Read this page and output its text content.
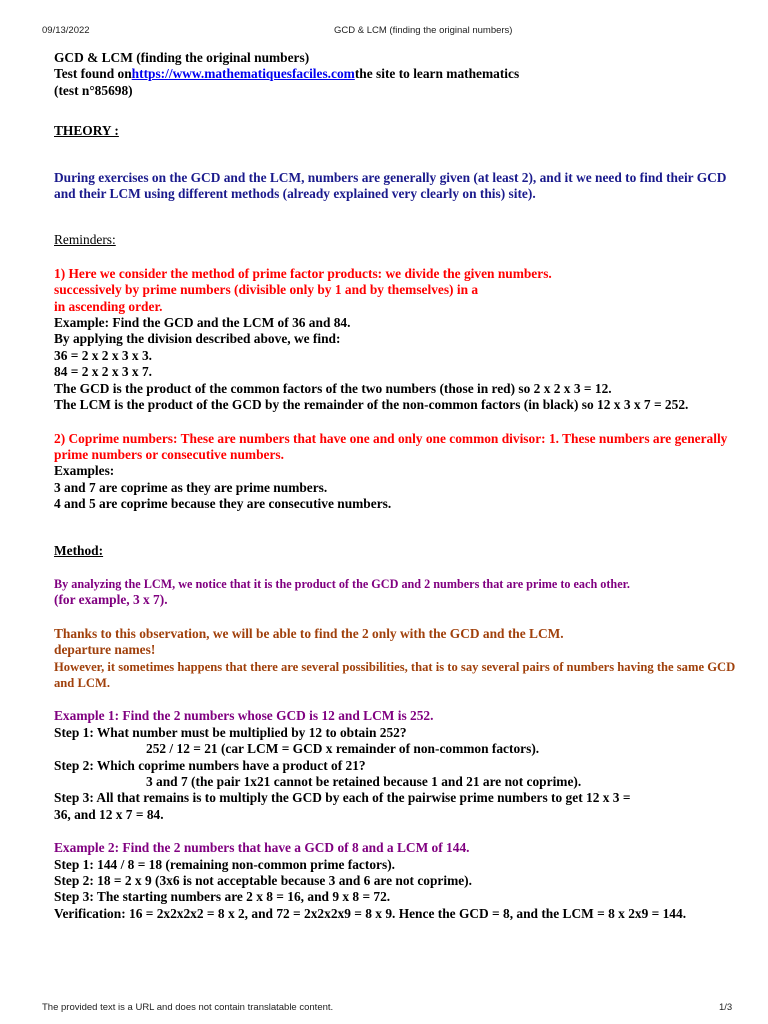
09/13/2022	GCD & LCM (finding the original numbers)

GCD & LCM (finding the original numbers)

Test found onhttps://www.mathematiquesfaciles.comthe site to learn mathematics

(test n°85698)

THEORY :

During exercises on the GCD and the LCM, numbers are generally given (at least 2), and it we need to find their GCD and their LCM using different methods (already explained very clearly on this) site).

Reminders:

1) Here we consider the method of prime factor products: we divide the given numbers.

successively by prime numbers (divisible only by 1 and by themselves) in a

in ascending order.

Example: Find the GCD and the LCM of 36 and 84.

By applying the division described above, we find:

36 = 2 x 2 x 3 x 3.

84 = 2 x 2 x 3 x 7.

The GCD is the product of the common factors of the two numbers (those in red) so 2 x 2 x 3 = 12.

The LCM is the product of the GCD by the remainder of the non-common factors (in black) so 12 x 3 x 7 = 252.

2) Coprime numbers: These are numbers that have one and only one common divisor: 1. These numbers are generally prime numbers or consecutive numbers.

Examples:

3 and 7 are coprime as they are prime numbers.

4 and 5 are coprime because they are consecutive numbers.

Method:

By analyzing the LCM, we notice that it is the product of the GCD and 2 numbers that are prime to each other.

(for example, 3 x 7).

Thanks to this observation, we will be able to find the 2 only with the GCD and the LCM.

departure names!

However, it sometimes happens that there are several possibilities, that is to say several pairs of numbers having the same GCD and LCM.

Example 1: Find the 2 numbers whose GCD is 12 and LCM is 252.

Step 1: What number must be multiplied by 12 to obtain 252?

252 / 12 = 21 (car LCM = GCD x remainder of non-common factors).

Step 2: Which coprime numbers have a product of 21?

3 and 7 (the pair 1x21 cannot be retained because 1 and 21 are not coprime).

Step 3: All that remains is to multiply the GCD by each of the pairwise prime numbers to get 12 x 3 = 36, and 12 x 7 = 84.

Example 2: Find the 2 numbers that have a GCD of 8 and a LCM of 144.

Step 1: 144 / 8 = 18 (remaining non-common prime factors).

Step 2: 18 = 2 x 9 (3x6 is not acceptable because 3 and 6 are not coprime).

Step 3: The starting numbers are 2 x 8 = 16, and 9 x 8 = 72.

Verification: 16 = 2x2x2x2 = 8 x 2, and 72 = 2x2x2x9 = 8 x 9. Hence the GCD = 8, and the LCM = 8 x 2x9 = 144.

The provided text is a URL and does not contain translatable content.	1/3
